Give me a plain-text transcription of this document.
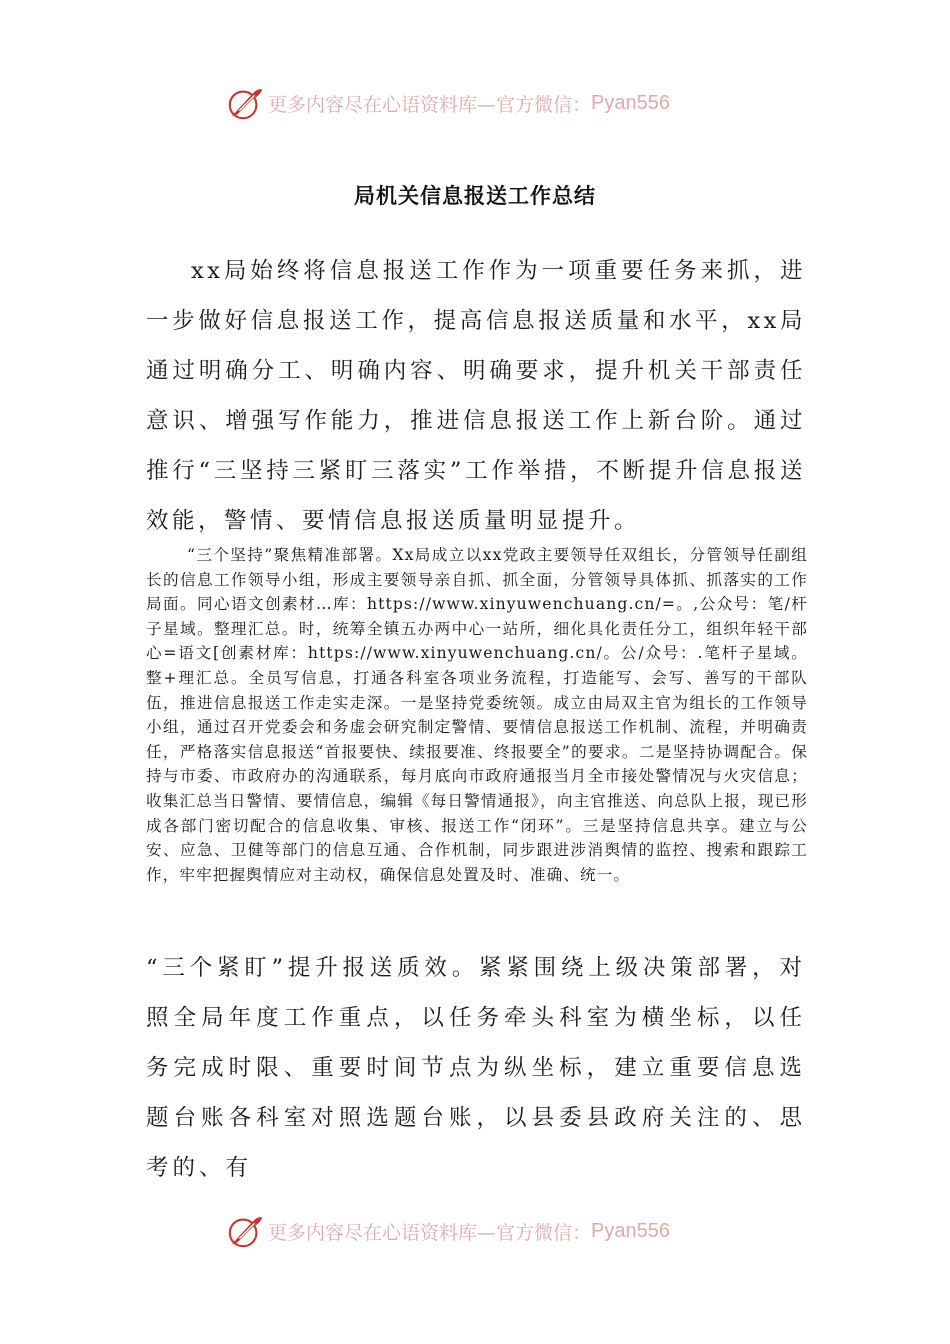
更多内容尽在心语资料库—官方微信： Pyan556
局机关信息报送工作总结

xx局始终将信息报送工作作为一项重要任务来抓，进一步做好信息报送工作，提高信息报送质量和水平，xx局通过明确分工、明确内容、明确要求，提升机关干部责任意识、增强写作能力，推进信息报送工作上新台阶。通过推行“三坚持三紧盯三落实”工作举措，不断提升信息报送效能，警情、要情信息报送质量明显提升。

“三个坚持”聚焦精准部署。Xx局成立以xx党政主要领导任双组长，分管领导任副组长的信息工作领导小组，形成主要领导亲自抓、抓全面，分管领导具体抓、抓落实的工作局面。同心语文创素材…库：https://www.xinyuwenchuang.cn/=。,公众号：笔/杆子星域。整理汇总。时，统筹全镇五办两中心一站所，细化具化责任分工，组织年轻干部心=语文[创素材库：https://www.xinyuwenchuang.cn/。公/众号：.笔杆子星域。整+理汇总。全员写信息，打通各科室各项业务流程，打造能写、会写、善写的干部队伍，推进信息报送工作走实走深。一是坚持党委统领。成立由局双主官为组长的工作领导小组，通过召开党委会和务虚会研究制定警情、要情信息报送工作机制、流程，并明确责任，严格落实信息报送“首报要快、续报要准、终报要全”的要求。二是坚持协调配合。保持与市委、市政府办的沟通联系，每月底向市政府通报当月全市接处警情况与火灾信息；收集汇总当日警情、要情信息，编辑《每日警情通报》，向主官推送、向总队上报，现已形成各部门密切配合的信息收集、审核、报送工作“闭环”。三是坚持信息共享。建立与公安、应急、卫健等部门的信息互通、合作机制，同步跟进涉消舆情的监控、搜索和跟踪工作，牢牢把握舆情应对主动权，确保信息处置及时、准确、统一。

“三个紧盯”提升报送质效。紧紧围绕上级决策部署，对照全局年度工作重点，以任务牵头科室为横坐标，以任务完成时限、重要时间节点为纵坐标，建立重要信息选题台账各科室对照选题台账，以县委县政府关注的、思考的、有

更多内容尽在心语资料库—官方微信： Pyan556
